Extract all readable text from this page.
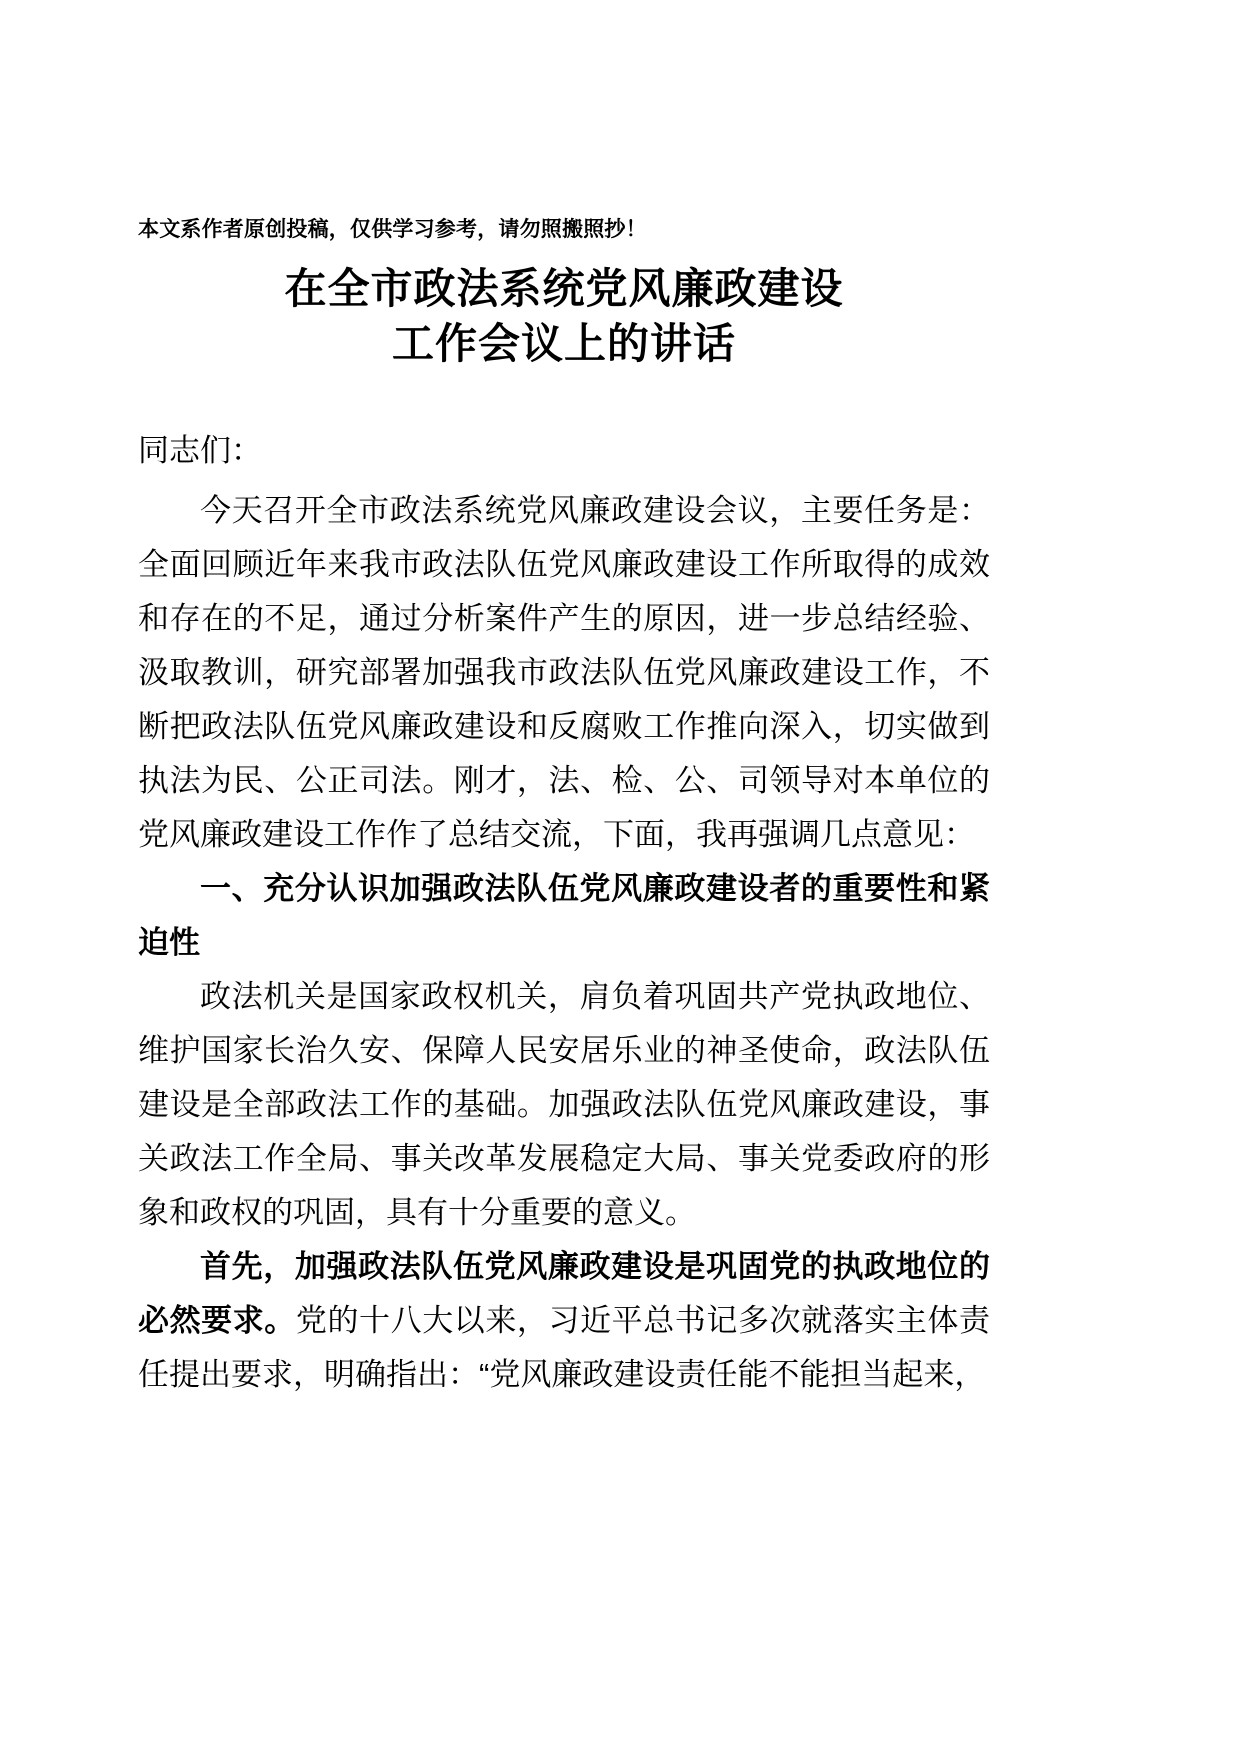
本文系作者原创投稿，仅供学习参考，请勿照搬照抄！
在全市政法系统党风廉政建设
工作会议上的讲话

同志们：

今天召开全市政法系统党风廉政建设会议，主要任务是：全面回顾近年来我市政法队伍党风廉政建设工作所取得的成效和存在的不足，通过分析案件产生的原因，进一步总结经验、汲取教训，研究部署加强我市政法队伍党风廉政建设工作，不断把政法队伍党风廉政建设和反腐败工作推向深入，切实做到执法为民、公正司法。刚才，法、检、公、司领导对本单位的党风廉政建设工作作了总结交流，下面，我再强调几点意见：

一、充分认识加强政法队伍党风廉政建设者的重要性和紧迫性

政法机关是国家政权机关，肩负着巩固共产党执政地位、维护国家长治久安、保障人民安居乐业的神圣使命，政法队伍建设是全部政法工作的基础。加强政法队伍党风廉政建设，事关政法工作全局、事关改革发展稳定大局、事关党委政府的形象和政权的巩固，具有十分重要的意义。

首先，加强政法队伍党风廉政建设是巩固党的执政地位的必然要求。党的十八大以来，习近平总书记多次就落实主体责任提出要求，明确指出：“党风廉政建设责任能不能担当起来，
